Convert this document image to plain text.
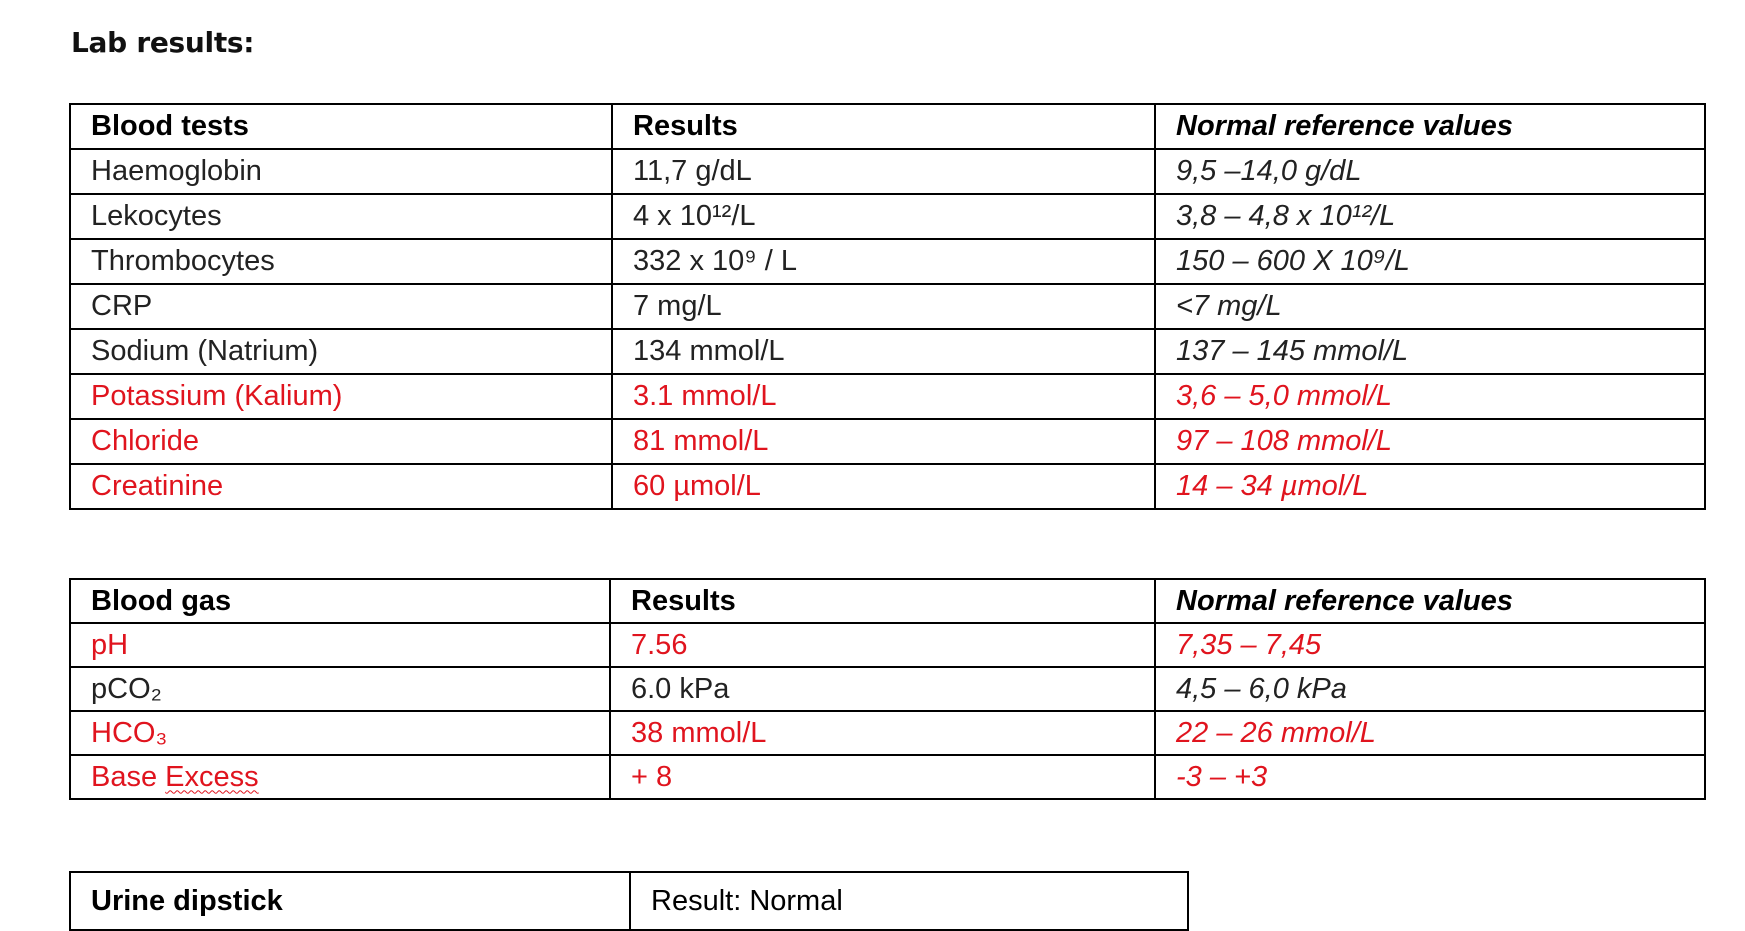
Lab results:
Blood tests	Results	Normal reference values
Haemoglobin	11,7 g/dL	9,5 –14,0 g/dL
Lekocytes	4 x 10¹²/L	3,8 – 4,8 x 10¹²/L
Thrombocytes	332 x 10⁹ / L	150 – 600 X 10⁹/L
CRP	7 mg/L	<7 mg/L
Sodium (Natrium)	134 mmol/L	137 – 145 mmol/L
Potassium (Kalium)	3.1 mmol/L	3,6 – 5,0 mmol/L
Chloride	81 mmol/L	97 – 108 mmol/L
Creatinine	60 µmol/L	14 – 34 µmol/L
Blood gas	Results	Normal reference values
pH	7.56	7,35 – 7,45
pCO₂	6.0 kPa	4,5 – 6,0 kPa
HCO₃	38 mmol/L	22 – 26 mmol/L
Base Excess	+ 8	-3 – +3
Urine dipstick	Result: Normal
